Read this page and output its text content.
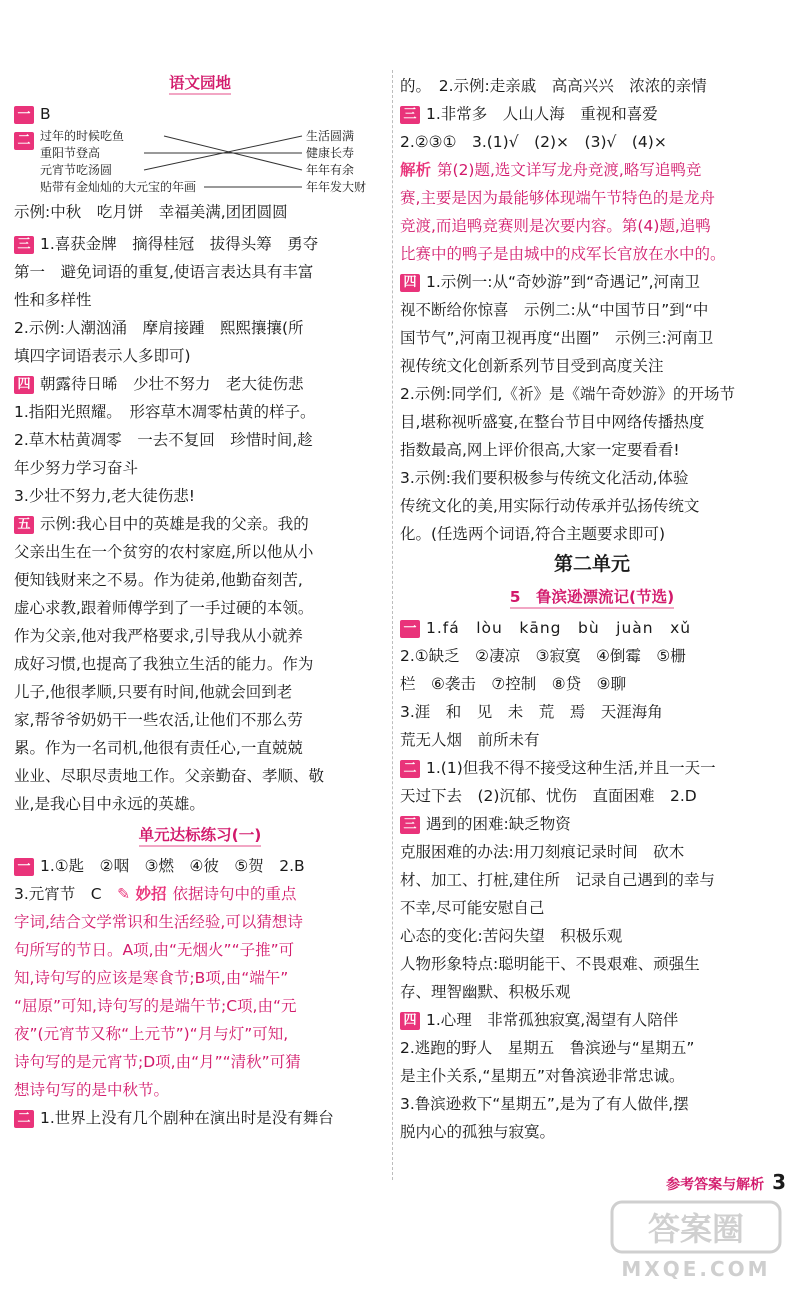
语文园地
一 B
二 过年的时候吃鱼
重阳节登高
元宵节吃汤圆
贴带有金灿灿的大元宝的年画
生活圆满
健康长寿
年年有余
年年发大财
示例:中秋　吃月饼　幸福美满,团团圆圆
三 1.喜获金牌　摘得桂冠　拔得头筹　勇夺
第一　避免词语的重复,使语言表达具有丰富
性和多样性
2.示例:人潮汹涌　摩肩接踵　熙熙攘攘(所
填四字词语表示人多即可)
四 朝露待日晞　少壮不努力　老大徒伤悲
1.指阳光照耀。　形容草木凋零枯黄的样子。
2.草木枯黄凋零　一去不复回　珍惜时间,趁
年少努力学习奋斗
3.少壮不努力,老大徒伤悲!
五 示例:我心目中的英雄是我的父亲。我的
父亲出生在一个贫穷的农村家庭,所以他从小
便知钱财来之不易。作为徒弟,他勤奋刻苦,
虚心求教,跟着师傅学到了一手过硬的本领。
作为父亲,他对我严格要求,引导我从小就养
成好习惯,也提高了我独立生活的能力。作为
儿子,他很孝顺,只要有时间,他就会回到老
家,帮爷爷奶奶干一些农活,让他们不那么劳
累。作为一名司机,他很有责任心,一直兢兢
业业、尽职尽责地工作。父亲勤奋、孝顺、敬
业,是我心目中永远的英雄。
单元达标练习(一)
一 1.①匙　②咽　③燃　④彼　⑤贺　2.B
3.元宵节　C　✎ 妙招 依据诗句中的重点
字词,结合文学常识和生活经验,可以猜想诗
句所写的节日。A项,由“无烟火”“子推”可
知,诗句写的应该是寒食节;B项,由“端午”
“屈原”可知,诗句写的是端午节;C项,由“元
夜”(元宵节又称“上元节”)“月与灯”可知,
诗句写的是元宵节;D项,由“月”“清秋”可猜
想诗句写的是中秋节。
二 1.世界上没有几个剧种在演出时是没有舞台
的。　2.示例:走亲戚　高高兴兴　浓浓的亲情
三 1.非常多　人山人海　重视和喜爱
2.②③①　3.(1)√　(2)×　(3)√　(4)×
解析 第(2)题,选文详写龙舟竞渡,略写追鸭竞
赛,主要是因为最能够体现端午节特色的是龙舟
竞渡,而追鸭竞赛则是次要内容。第(4)题,追鸭
比赛中的鸭子是由城中的戍军长官放在水中的。
四 1.示例一:从“奇妙游”到“奇遇记”,河南卫
视不断给你惊喜　示例二:从“中国节日”到“中
国节气”,河南卫视再度“出圈”　示例三:河南卫
视传统文化创新系列节目受到高度关注
2.示例:同学们,《祈》是《端午奇妙游》的开场节
目,堪称视听盛宴,在整台节目中网络传播热度
指数最高,网上评价很高,大家一定要看看!
3.示例:我们要积极参与传统文化活动,体验
传统文化的美,用实际行动传承并弘扬传统文
化。(任选两个词语,符合主题要求即可)
第二单元
5　鲁滨逊漂流记(节选)
一 1.fá　lòu　kāng　bù　juàn　xǔ
2.①缺乏　②凄凉　③寂寞　④倒霉　⑤栅
栏　⑥袭击　⑦控制　⑧贷　⑨聊
3.涯　和　见　未　荒　焉　天涯海角
荒无人烟　前所未有
二 1.(1)但我不得不接受这种生活,并且一天一
天过下去　(2)沉郁、忧伤　直面困难　2.D
三 遇到的困难:缺乏物资
克服困难的办法:用刀刻痕记录时间　砍木
材、加工、打桩,建住所　记录自己遇到的幸与
不幸,尽可能安慰自己
心态的变化:苦闷失望　积极乐观
人物形象特点:聪明能干、不畏艰难、顽强生
存、理智幽默、积极乐观
四 1.心理　非常孤独寂寞,渴望有人陪伴
2.逃跑的野人　星期五　鲁滨逊与“星期五”
是主仆关系,“星期五”对鲁滨逊非常忠诚。
3.鲁滨逊救下“星期五”,是为了有人做伴,摆
脱内心的孤独与寂寞。
参考答案与解析 3
答案圈
MXQE.COM
